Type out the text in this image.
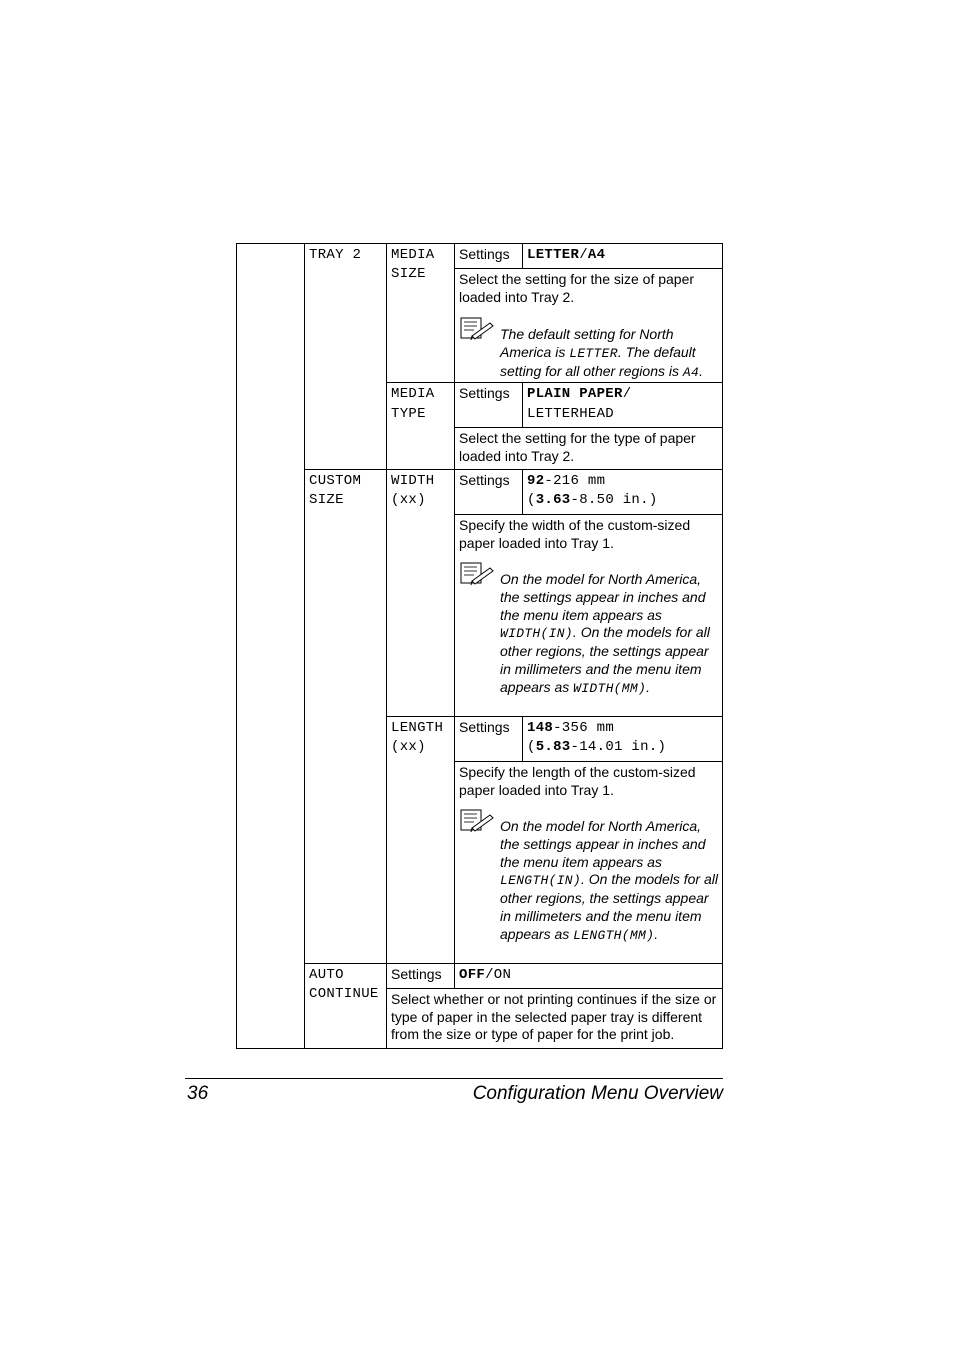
TRAY 2 MEDIA
SIZE
Settings LETTER/A4
Select the setting for the size of paper loaded into Tray 2.
The default setting for North America is LETTER. The default setting for all other regions is A4.
MEDIA
TYPE
Settings PLAIN PAPER/
LETTERHEAD
Select the setting for the type of paper loaded into Tray 2.
CUSTOM
SIZE
WIDTH
(xx)
Settings 92-216 mm
(3.63-8.50 in.)
Specify the width of the custom-sized paper loaded into Tray 1.
On the model for North America, the settings appear in inches and the menu item appears as WIDTH(IN). On the models for all other regions, the settings appear in millimeters and the menu item appears as WIDTH(MM).
LENGTH
(xx)
Settings 148-356 mm
(5.83-14.01 in.)
Specify the length of the custom-sized paper loaded into Tray 1.
On the model for North America, the settings appear in inches and the menu item appears as LENGTH(IN). On the models for all other regions, the settings appear in millimeters and the menu item appears as LENGTH(MM).
AUTO
CONTINUE
Settings OFF/ON
Select whether or not printing continues if the size or type of paper in the selected paper tray is different from the size or type of paper for the print job.
36	Configuration Menu Overview
